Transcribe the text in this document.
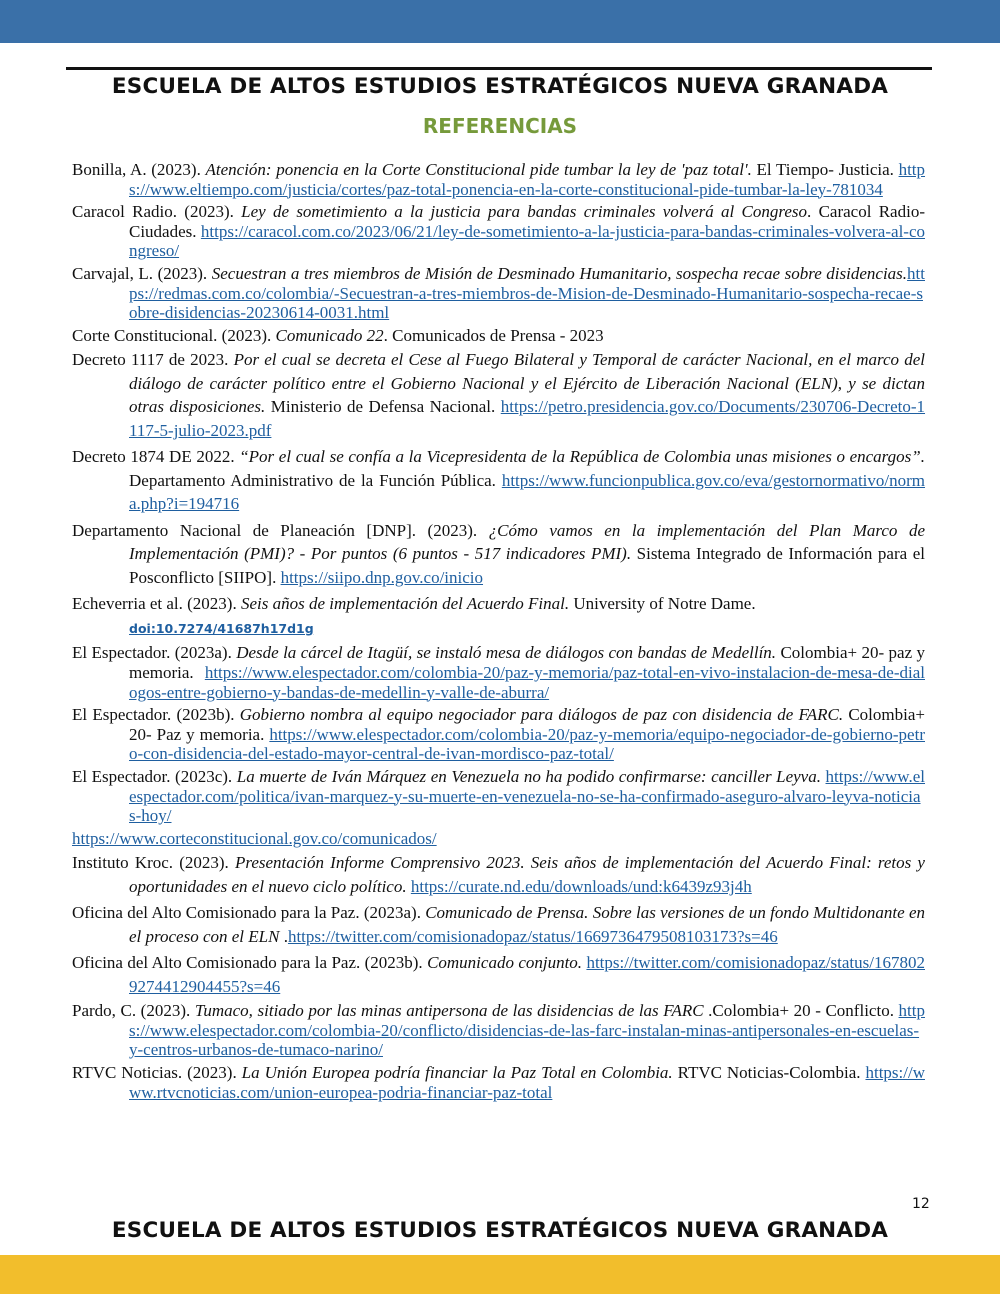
ESCUELA DE ALTOS ESTUDIOS ESTRATÉGICOS NUEVA GRANADA
REFERENCIAS

Bonilla, A. (2023). Atención: ponencia en la Corte Constitucional pide tumbar la ley de 'paz total'. El Tiempo- Justicia. https://www.eltiempo.com/justicia/cortes/paz-total-ponencia-en-la-corte-constitucional-pide-tumbar-la-ley-781034

Caracol Radio. (2023). Ley de sometimiento a la justicia para bandas criminales volverá al Congreso. Caracol Radio- Ciudades. https://caracol.com.co/2023/06/21/ley-de-sometimiento-a-la-justicia-para-bandas-criminales-volvera-al-congreso/

Carvajal, L. (2023). Secuestran a tres miembros de Misión de Desminado Humanitario, sospecha recae sobre disidencias.https://redmas.com.co/colombia/-Secuestran-a-tres-miembros-de-Mision-de-Desminado-Humanitario-sospecha-recae-sobre-disidencias-20230614-0031.html

Corte Constitucional. (2023). Comunicado 22. Comunicados de Prensa - 2023

Decreto 1117 de 2023. Por el cual se decreta el Cese al Fuego Bilateral y Temporal de carácter Nacional, en el marco del diálogo de carácter político entre el Gobierno Nacional y el Ejército de Liberación Nacional (ELN), y se dictan otras disposiciones. Ministerio de Defensa Nacional. https://petro.presidencia.gov.co/Documents/230706-Decreto-1117-5-julio-2023.pdf

Decreto 1874 DE 2022. “Por el cual se confía a la Vicepresidenta de la República de Colombia unas misiones o encargos”. Departamento Administrativo de la Función Pública. https://www.funcionpublica.gov.co/eva/gestornormativo/norma.php?i=194716

Departamento Nacional de Planeación [DNP]. (2023). ¿Cómo vamos en la implementación del Plan Marco de Implementación (PMI)? - Por puntos (6 puntos - 517 indicadores PMI). Sistema Integrado de Información para el Posconflicto [SIIPO]. https://siipo.dnp.gov.co/inicio

Echeverria et al. (2023). Seis años de implementación del Acuerdo Final. University of Notre Dame.
doi:10.7274/41687h17d1g

El Espectador. (2023a). Desde la cárcel de Itagüí, se instaló mesa de diálogos con bandas de Medellín. Colombia+ 20- paz y memoria. https://www.elespectador.com/colombia-20/paz-y-memoria/paz-total-en-vivo-instalacion-de-mesa-de-dialogos-entre-gobierno-y-bandas-de-medellin-y-valle-de-aburra/

El Espectador. (2023b). Gobierno nombra al equipo negociador para diálogos de paz con disidencia de FARC. Colombia+ 20- Paz y memoria. https://www.elespectador.com/colombia-20/paz-y-memoria/equipo-negociador-de-gobierno-petro-con-disidencia-del-estado-mayor-central-de-ivan-mordisco-paz-total/

El Espectador. (2023c). La muerte de Iván Márquez en Venezuela no ha podido confirmarse: canciller Leyva. https://www.elespectador.com/politica/ivan-marquez-y-su-muerte-en-venezuela-no-se-ha-confirmado-aseguro-alvaro-leyva-noticias-hoy/

https://www.corteconstitucional.gov.co/comunicados/

Instituto Kroc. (2023). Presentación Informe Comprensivo 2023. Seis años de implementación del Acuerdo Final: retos y oportunidades en el nuevo ciclo político. https://curate.nd.edu/downloads/und:k6439z93j4h

Oficina del Alto Comisionado para la Paz. (2023a). Comunicado de Prensa. Sobre las versiones de un fondo Multidonante en el proceso con el ELN .https://twitter.com/comisionadopaz/status/1669736479508103173?s=46

Oficina del Alto Comisionado para la Paz. (2023b). Comunicado conjunto. https://twitter.com/comisionadopaz/status/1678029274412904455?s=46

Pardo, C. (2023). Tumaco, sitiado por las minas antipersona de las disidencias de las FARC .Colombia+ 20 - Conflicto. https://www.elespectador.com/colombia-20/conflicto/disidencias-de-las-farc-instalan-minas-antipersonales-en-escuelas-y-centros-urbanos-de-tumaco-narino/

RTVC Noticias. (2023). La Unión Europea podría financiar la Paz Total en Colombia. RTVC Noticias-Colombia. https://www.rtvcnoticias.com/union-europea-podria-financiar-paz-total

12
ESCUELA DE ALTOS ESTUDIOS ESTRATÉGICOS NUEVA GRANADA
